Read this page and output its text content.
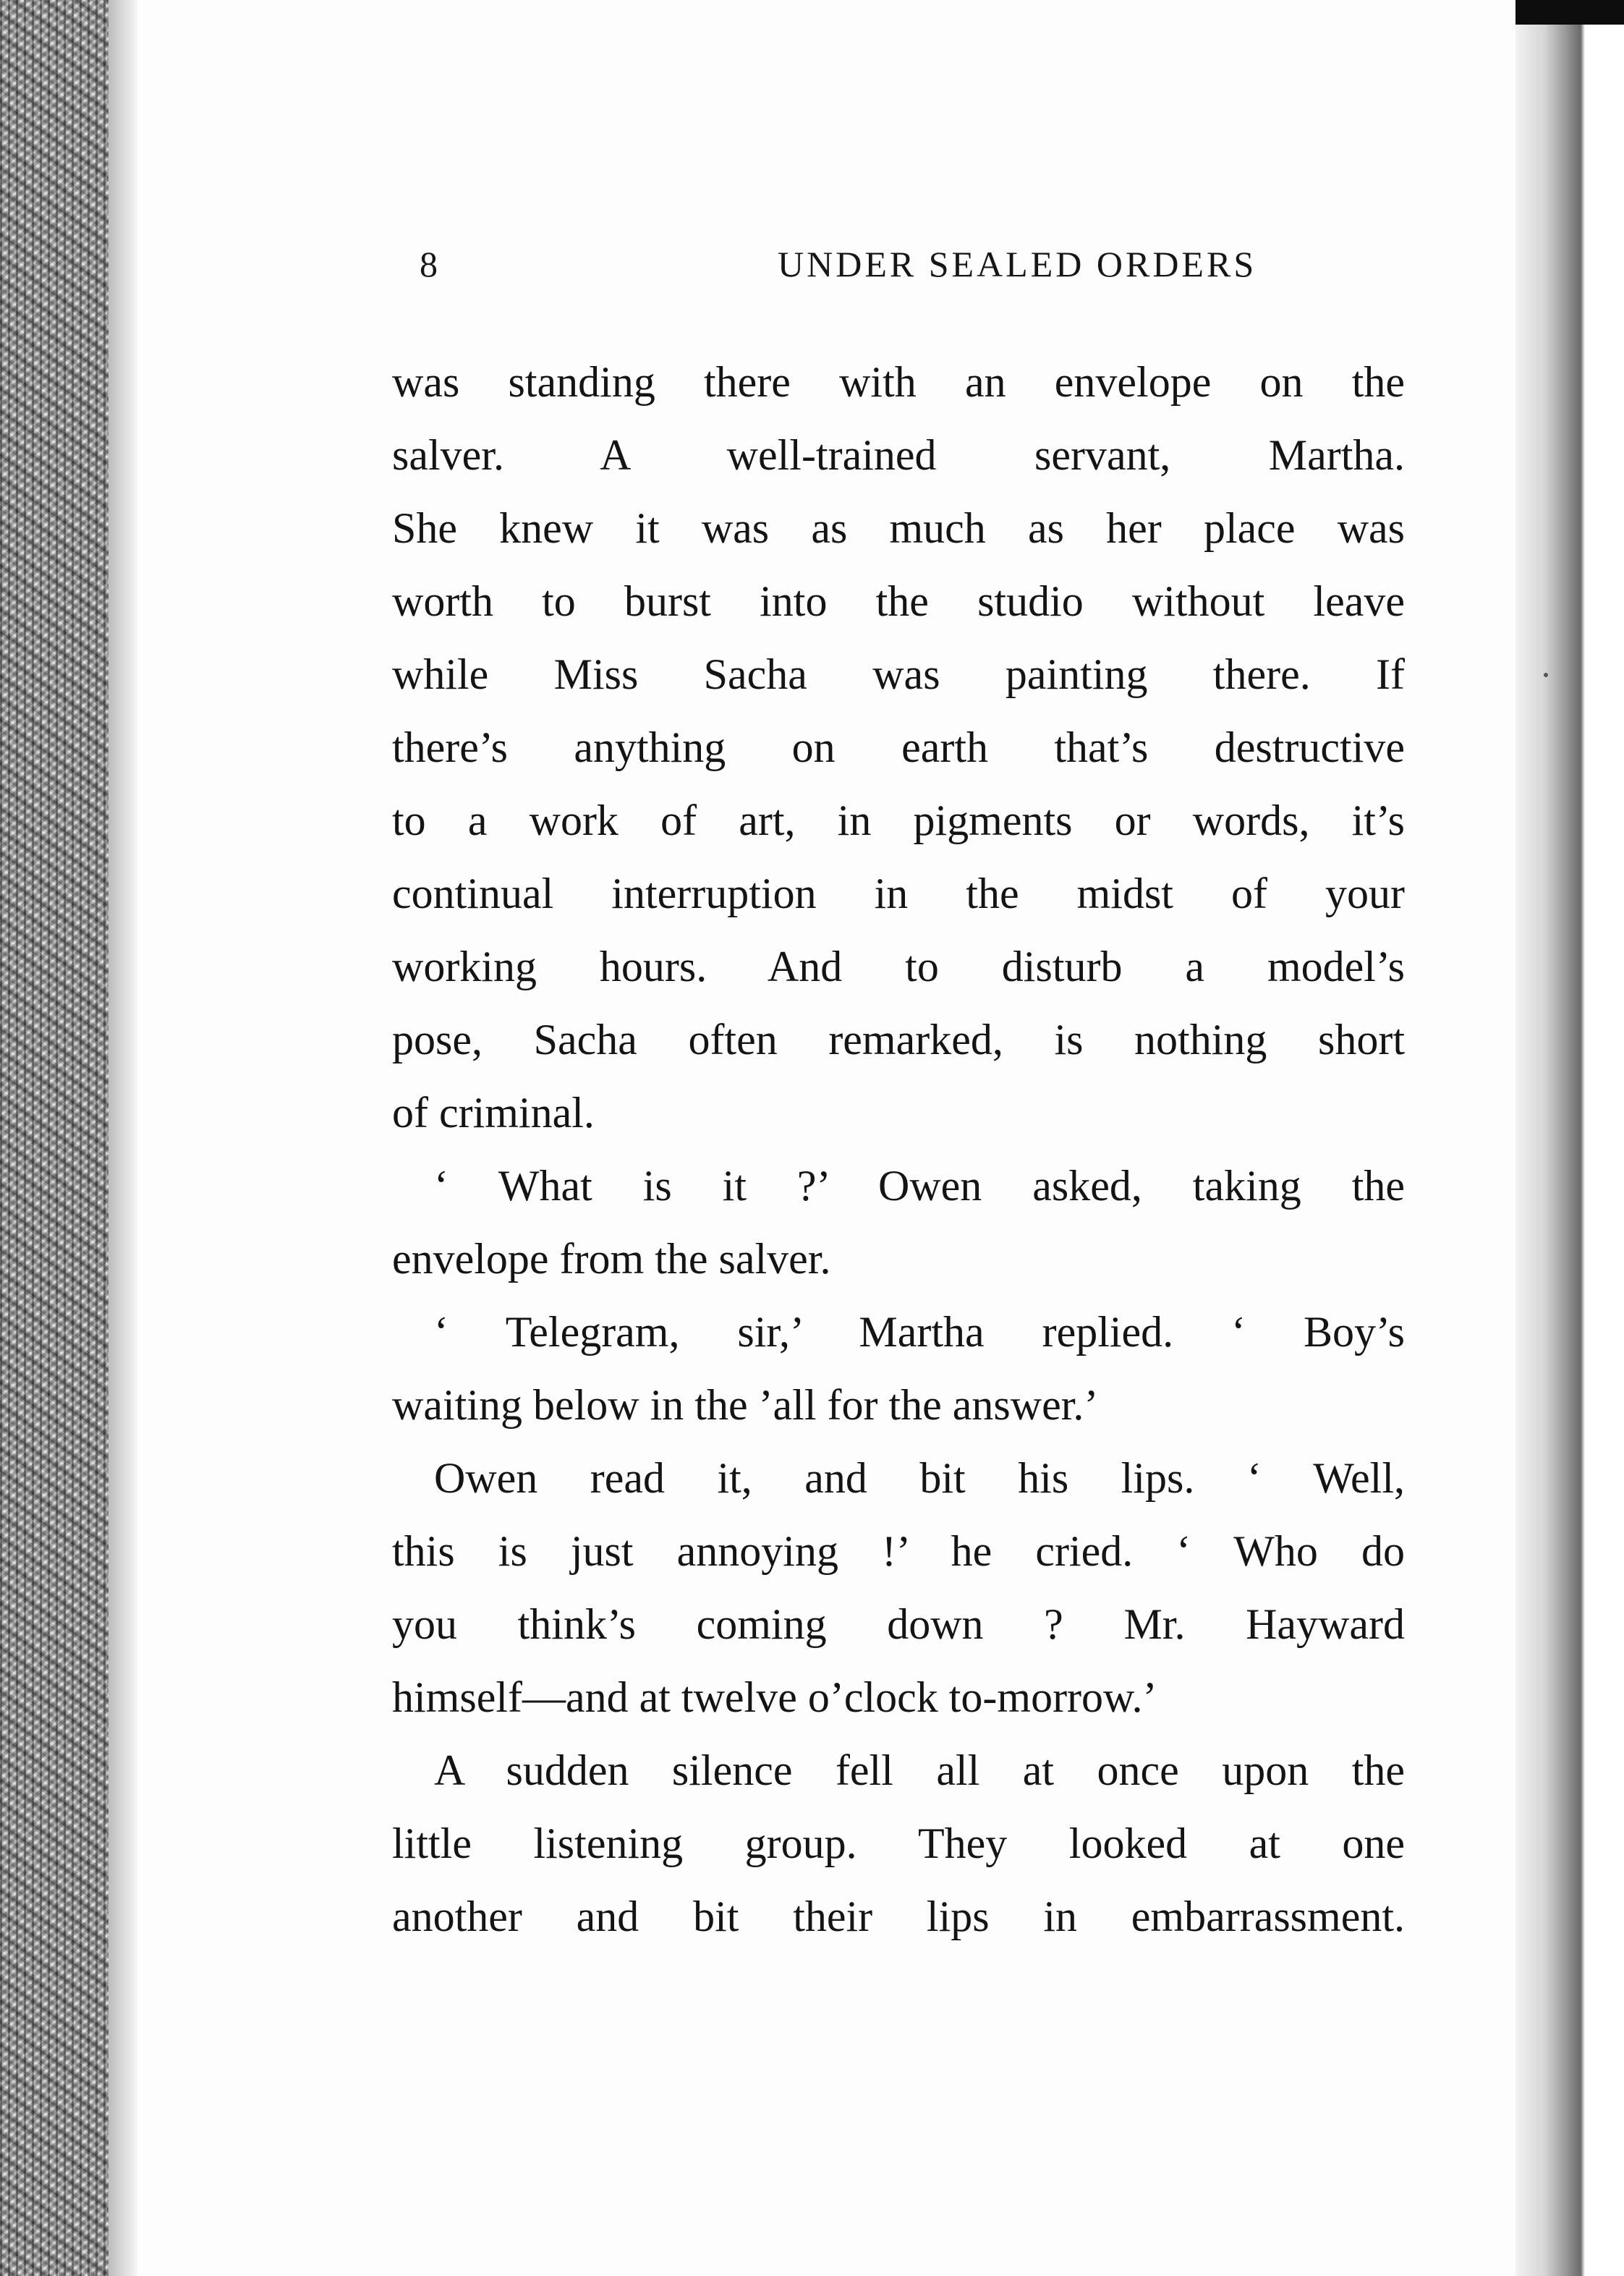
8	UNDER SEALED ORDERS
was standing there with an envelope on the
salver. A well-trained servant, Martha.
She knew it was as much as her place was
worth to burst into the studio without leave
while Miss Sacha was painting there. If
there’s anything on earth that’s destructive
to a work of art, in pigments or words, it’s
continual interruption in the midst of your
working hours. And to disturb a model’s
pose, Sacha often remarked, is nothing short
of criminal.
‘ What is it ?’ Owen asked, taking the
envelope from the salver.
‘ Telegram, sir,’ Martha replied. ‘ Boy’s
waiting below in the ’all for the answer.’
Owen read it, and bit his lips. ‘ Well,
this is just annoying !’ he cried. ‘ Who do
you think’s coming down ? Mr. Hayward
himself—and at twelve o’clock to-morrow.’
A sudden silence fell all at once upon the
little listening group. They looked at one
another and bit their lips in embarrassment.
